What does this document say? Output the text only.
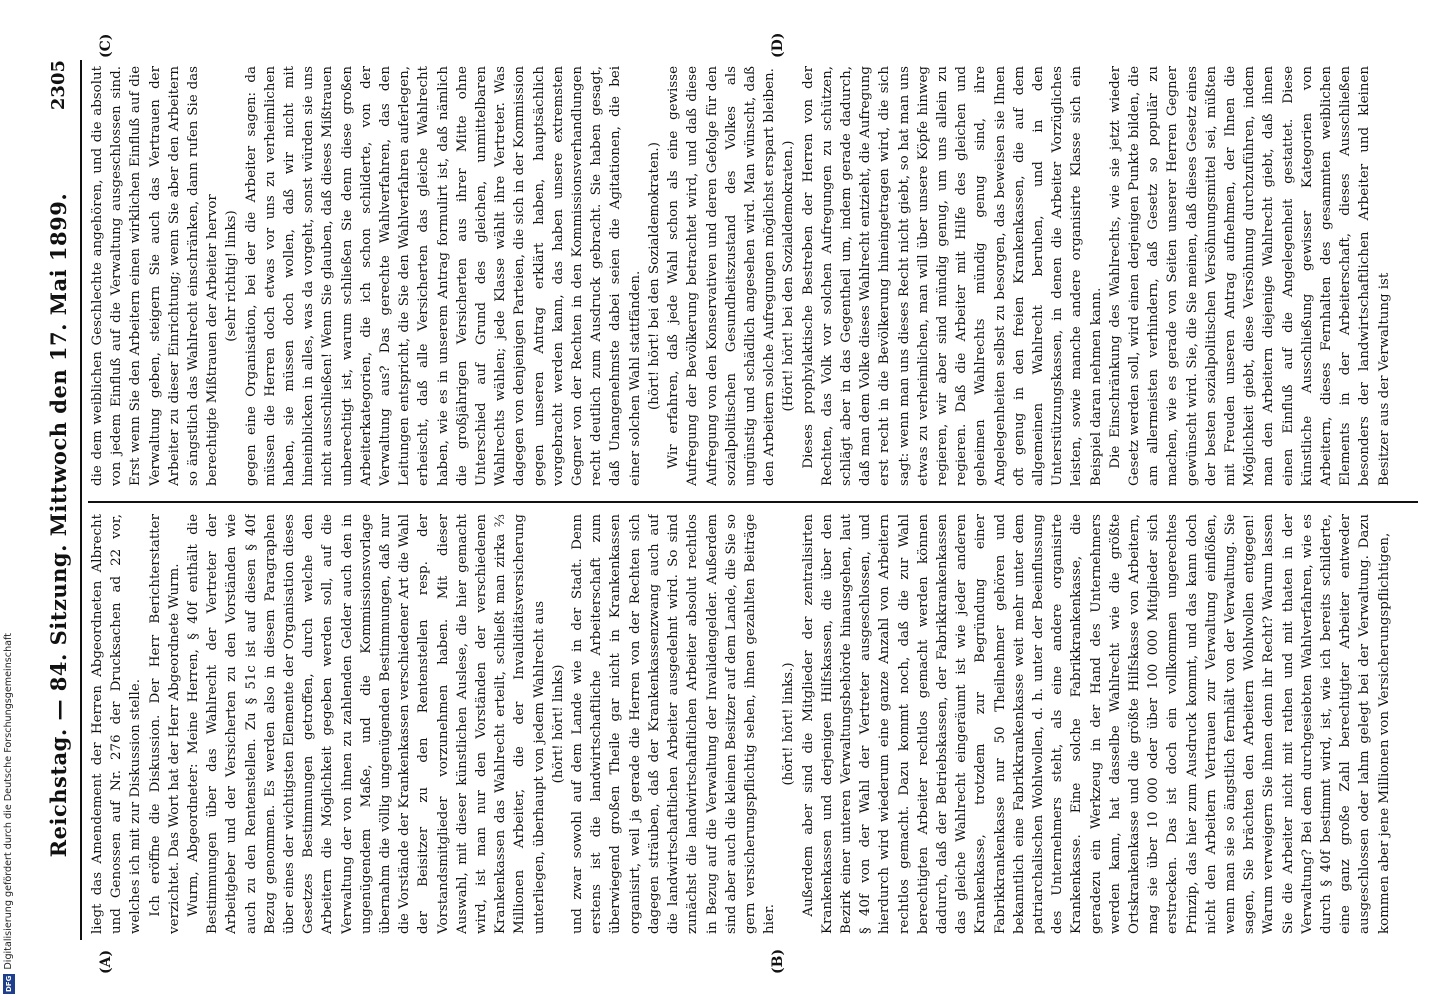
Reichstag. — 84. Sitzung. Mittwoch den 17. Mai 1899.
2305
(A)	(B)
(C)	(D)

liegt das Amendement der Herren Abgeordneten Albrecht und Genossen auf Nr. 276 der Drucksachen ad 22 vor, welches ich mit zur Diskussion stelle. Ich eröffne die Diskussion. Der Herr Berichterstatter verzichtet. Das Wort hat der Herr Abgeordnete Wurm. Wurm, Abgeordneter: Meine Herren, § 40f enthält die Bestimmungen über das Wahlrecht der Vertreter der Arbeitgeber und der Versicherten zu den Vorständen wie auch zu den Rentenstellen. Zu § 51c ist auf diesen § 40f Bezug genommen. Es werden also in diesem Paragraphen über eines der wichtigsten Elemente der Organisation dieses Gesetzes Bestimmungen getroffen, durch welche den Arbeitern die Möglichkeit gegeben werden soll, auf die Verwaltung der von ihnen zu zahlenden Gelder auch den in ungenügendem Maße, und die Kommissionsvorlage übernahm die völlig ungenügenden Bestimmungen, daß nur die Vorstände der Krankenkassen verschiedener Art die Wahl der Beisitzer zu den Rentenstellen resp. der Vorstandsmitglieder vorzunehmen haben. Mit dieser Auswahl, mit dieser künstlichen Auslese, die hier gemacht wird, ist man nur den Vorständen der verschiedenen Krankenkassen das Wahlrecht erteilt, schließt man zirka ⅔ Millionen Arbeiter, die der Invaliditätsversicherung unterliegen, überhaupt von jedem Wahlrecht aus (hört! hört! links) und zwar sowohl auf dem Lande wie in der Stadt. Denn erstens ist die landwirtschaftliche Arbeiterschaft zum überwiegend großen Theile gar nicht in Krankenkassen organisirt, weil ja gerade die Herren von der Rechten sich dagegen sträuben, daß der Krankenkassenzwang auch auf die landwirtschaftlichen Arbeiter ausgedehnt wird. So sind zunächst die landwirtschaftlichen Arbeiter absolut rechtlos in Bezug auf die Verwaltung der Invalidengelder. Außerdem sind aber auch die kleinen Besitzer auf dem Lande, die Sie so gern versicherungspflichtig sehen, ihnen gezahlten Beiträge hier.

(hört! hört! links.) Außerdem aber sind die Mitglieder der zentralisirten Krankenkassen und derjenigen Hilfskassen, die über den Bezirk einer unteren Verwaltungsbehörde hinausgehen, laut § 40f von der Wahl der Vertreter ausgeschlossen, und hierdurch wird wiederum eine ganze Anzahl von Arbeitern rechtlos gemacht. Dazu kommt noch, daß die zur Wahl berechtigten Arbeiter rechtlos gemacht werden können dadurch, daß der Betriebskassen, der Fabrikkrankenkassen das gleiche Wahlrecht eingeräumt ist wie jeder anderen Krankenkasse, trotzdem zur Begründung einer Fabrikkrankenkasse nur 50 Theilnehmer gehören und bekanntlich eine Fabrikkrankenkasse weit mehr unter dem patriarchalischen Wohlwollen, d. h. unter der Beeinflussung des Unternehmers steht, als eine andere organisirte Krankenkasse. Eine solche Fabrikkrankenkasse, die geradezu ein Werkzeug in der Hand des Unternehmers werden kann, hat dasselbe Wahlrecht wie die größte Ortskrankenkasse und die größte Hilfskasse von Arbeitern, mag sie über 10 000 oder über 100 000 Mitglieder sich erstrecken. Das ist doch ein vollkommen ungerechtes Prinzip, das hier zum Ausdruck kommt, und das kann doch nicht den Arbeitern Vertrauen zur Verwaltung einflößen, wenn man sie so ängstlich fernhält von der Verwaltung. Sie sagen, Sie brächten den Arbeitern Wohlwollen entgegen! Warum verweigern Sie ihnen denn ihr Recht? Warum lassen Sie die Arbeiter nicht mit rathen und mit thaten in der Verwaltung? Bei dem durchgesiebten Wahlverfahren, wie es durch § 40f bestimmt wird, ist, wie ich bereits schilderte, eine ganz große Zahl berechtigter Arbeiter entweder ausgeschlossen oder lahm gelegt bei der Verwaltung. Dazu kommen aber jene Millionen von Versicherungspflichtigen,

die dem weiblichen Geschlechte angehören, und die absolut von jedem Einfluß auf die Verwaltung ausgeschlossen sind. Erst wenn Sie den Arbeitern einen wirklichen Einfluß auf die Verwaltung geben, steigern Sie auch das Vertrauen der Arbeiter zu dieser Einrichtung; wenn Sie aber den Arbeitern so ängstlich das Wahlrecht einschränken, dann rufen Sie das berechtigte Mißtrauen der Arbeiter hervor (sehr richtig! links) gegen eine Organisation, bei der die Arbeiter sagen: da müssen die Herren doch etwas vor uns zu verheimlichen haben, sie müssen doch wollen, daß wir nicht mit hineinblicken in alles, was da vorgeht, sonst würden sie uns nicht ausschließen! Wenn Sie glauben, daß dieses Mißtrauen unberechtigt ist, warum schließen Sie denn diese großen Arbeiterkategorien, die ich schon schilderte, von der Verwaltung aus? Das gerechte Wahlverfahren, das den Leitungen entspricht, die Sie den Wahlverfahren auferlegen, erheischt, daß alle Versicherten das gleiche Wahlrecht haben, wie es in unserem Antrag formulirt ist, daß nämlich die großjährigen Versicherten aus ihrer Mitte ohne Unterschied auf Grund des gleichen, unmittelbaren Wahlrechts wählen; jede Klasse wählt ihre Vertreter. Was dagegen von denjenigen Parteien, die sich in der Kommission gegen unseren Antrag erklärt haben, hauptsächlich vorgebracht werden kann, das haben unsere extremsten Gegner von der Rechten in den Kommissionsverhandlungen recht deutlich zum Ausdruck gebracht. Sie haben gesagt, daß Unangenehmste dabei seien die Agitationen, die bei einer solchen Wahl stattfänden. (hört! hört! bei den Sozialdemokraten.) Wir erfahren, daß jede Wahl schon als eine gewisse Aufregung der Bevölkerung betrachtet wird, und daß diese Aufregung von den Konservativen und deren Gefolge für den sozialpolitischen Gesundheitszustand des Volkes als ungünstig und schädlich angesehen wird. Man wünscht, daß den Arbeitern solche Aufregungen möglichst erspart bleiben. (Hört! hört! bei den Sozialdemokraten.) Dieses prophylaktische Bestreben der Herren von der Rechten, das Volk vor solchen Aufregungen zu schützen, schlägt aber in das Gegentheil um, indem gerade dadurch, daß man dem Volke dieses Wahlrecht entzieht, die Aufregung erst recht in die Bevölkerung hineingetragen wird, die sich sagt: wenn man uns dieses Recht nicht giebt, so hat man uns etwas zu verheimlichen, man will über unsere Köpfe hinweg regieren, wir aber sind mündig genug, um uns allein zu regieren. Daß die Arbeiter mit Hilfe des gleichen und geheimen Wahlrechts mündig genug sind, ihre Angelegenheiten selbst zu besorgen, das beweisen sie Ihnen oft genug in den freien Krankenkassen, die auf dem allgemeinen Wahlrecht beruhen, und in den Unterstützungskassen, in denen die Arbeiter Vorzügliches leisten, sowie manche andere organisirte Klasse sich ein Beispiel daran nehmen kann. Die Einschränkung des Wahlrechts, wie sie jetzt wieder Gesetz werden soll, wird einen derjenigen Punkte bilden, die am allermeisten verhindern, daß Gesetz so populär zu machen, wie es gerade von Seiten unserer Herren Gegner gewünscht wird. Sie, die Sie meinen, daß dieses Gesetz eines der besten sozialpolitischen Versöhnungsmittel sei, müßten mit Freuden unseren Antrag aufnehmen, der Ihnen die Möglichkeit giebt, diese Versöhnung durchzuführen, indem man den Arbeitern diejenige Wahlrecht giebt, daß ihnen einen Einfluß auf die Angelegenheit gestattet. Diese künstliche Ausschließung gewisser Kategorien von Arbeitern, dieses Fernhalten des gesammten weiblichen Elements in der Arbeiterschaft, dieses Ausschließen besonders der landwirtschaftlichen Arbeiter und kleinen Besitzer aus der Verwaltung ist

Digitalisierung gefördert durch die Deutsche Forschungsgemeinschaft
DFG
